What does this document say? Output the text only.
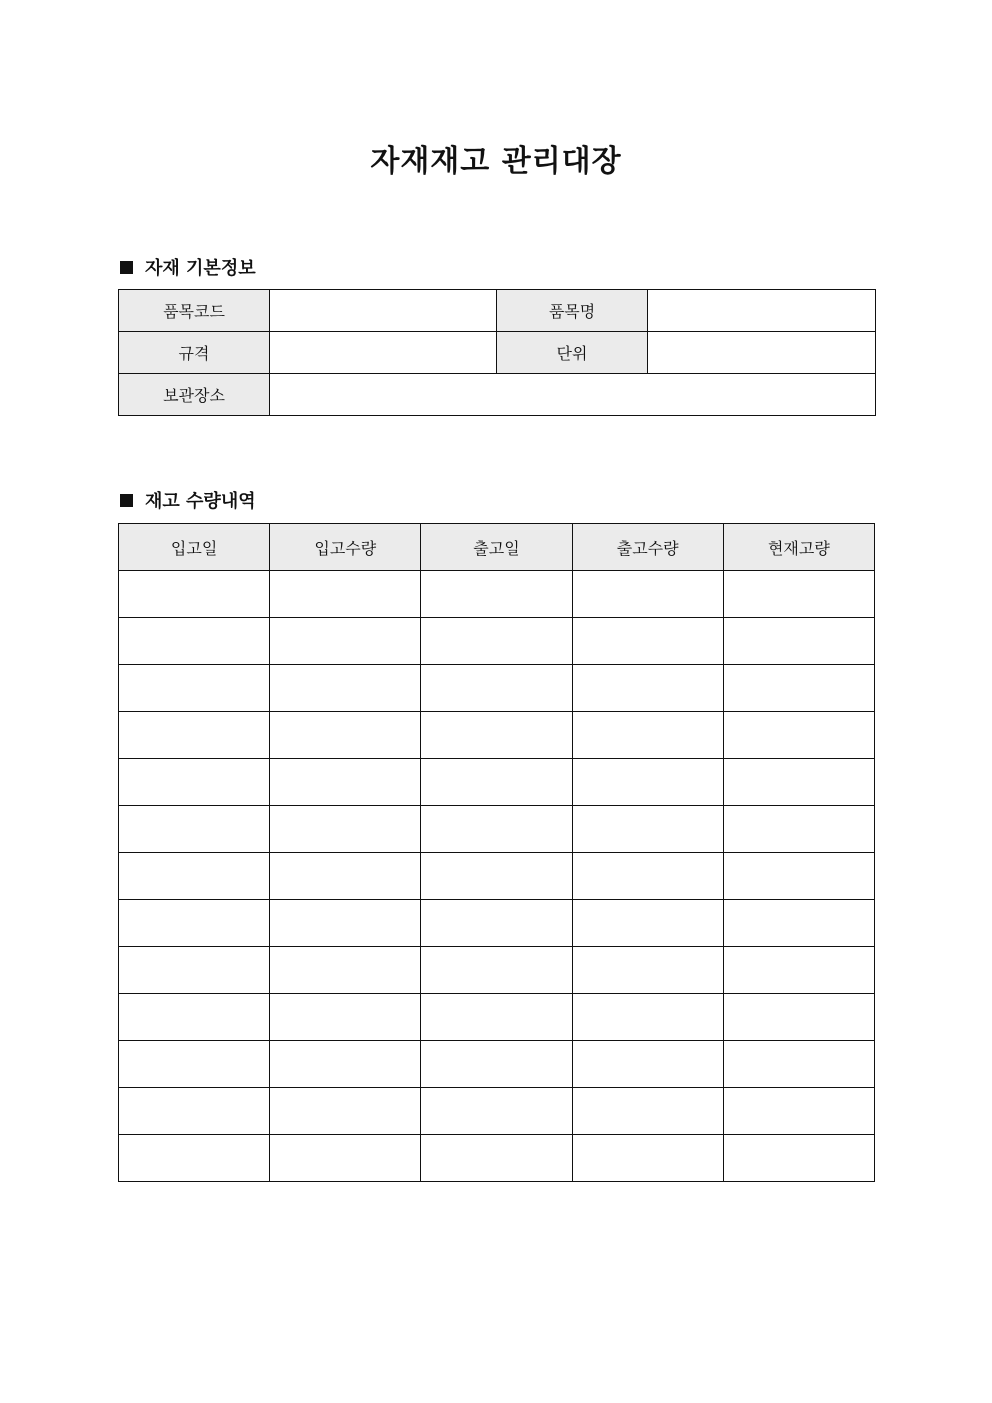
자재재고 관리대장
자재 기본정보
품목코드		품목명	
규격		단위	
보관장소			
재고 수량내역
입고일	입고수량	출고일	출고수량	현재고량
